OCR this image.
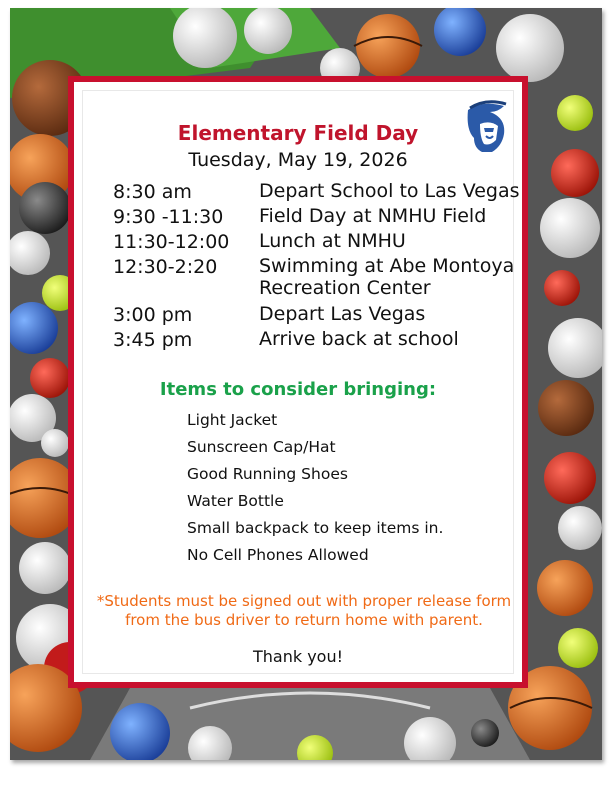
Elementary Field Day
Tuesday, May 19, 2026
8:30 am	Depart School to Las Vegas
9:30 -11:30 Field Day at NMHU Field
11:30-12:00 Lunch at NMHU
12:30-2:20 Swimming at Abe Montoya Recreation Center
3:00 pm	Depart Las Vegas
3:45 pm	Arrive back at school
Items to consider bringing:
Light Jacket
Sunscreen Cap/Hat
Good Running Shoes
Water Bottle
Small backpack to keep items in.
No Cell Phones Allowed
*Students must be signed out with proper release form from the bus driver to return home with parent.
Thank you!
